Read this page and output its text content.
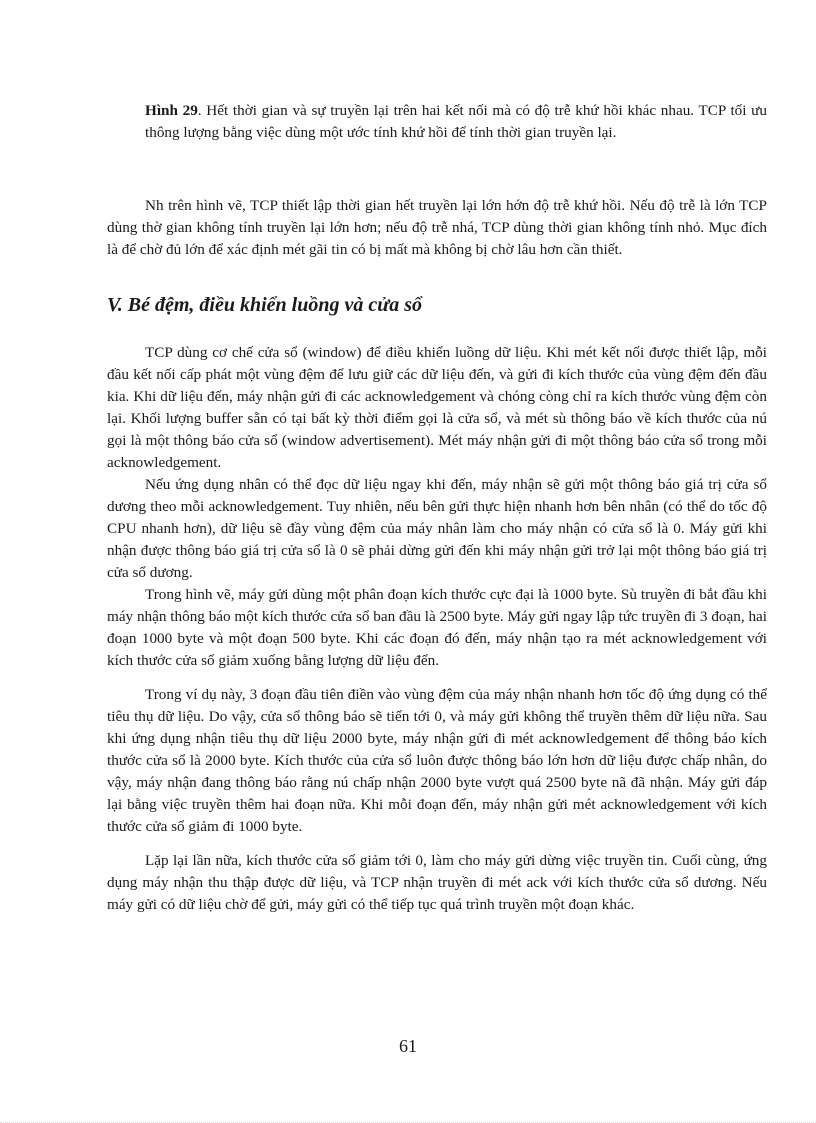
Hình 29. Hết thời gian và sự truyền lại trên hai kết nối mà có độ trễ khứ hồi khác nhau. TCP tối ưu thông lượng bằng việc dùng một ước tính khứ hồi để tính thời gian truyền lại.
Nh trên hình vẽ, TCP thiết lập thời gian hết truyền lại lớn hớn độ trễ khứ hồi. Nếu độ trễ là lớn TCP dùng thờ gian không tính truyền lại lớn hơn; nếu độ trễ nhá, TCP dùng thời gian không tính nhỏ. Mục đích là để chờ đủ lớn để xác định mét gãi tin có bị mất mà không bị chờ lâu hơn cần thiết.
V. Bé đệm, điều khiển luồng và cửa sổ
TCP dùng cơ chế cửa sổ (window) để điều khiển luồng dữ liệu. Khi mét kết nối được thiết lập, mỗi đầu kết nối cấp phát một vùng đệm để lưu giữ các dữ liệu đến, và gửi đi kích thước của vùng đệm đến đầu kia. Khi dữ liệu đến, máy nhận gửi đi các acknowledgement và chóng còng chỉ ra kích thước vùng đệm còn lại. Khối lượng buffer sẵn có tại bất kỳ thời điểm gọi là cửa sổ, và mét sù thông báo về kích thước của nú gọi là một thông báo cửa sổ (window advertisement). Mét máy nhận gửi đi một thông báo cửa sổ trong mỗi acknowledgement.
Nếu ứng dụng nhân có thể đọc dữ liệu ngay khi đến, máy nhận sẽ gửi một thông báo giá trị cửa sổ dương theo mỗi acknowledgement. Tuy nhiên, nếu bên gửi thực hiện nhanh hơn bên nhân (có thể do tốc độ CPU nhanh hơn), dữ liệu sẽ đầy vùng đệm của máy nhân làm cho máy nhận có cửa sổ là 0. Máy gửi khi nhận được thông báo giá trị cửa sổ là 0 sẽ phải dừng gửi đến khi máy nhận gửi trở lại một thông báo giá trị cửa sổ dương.
Trong hình vẽ, máy gửi dùng một phân đoạn kích thước cực đại là 1000 byte. Sù truyền đi bắt đầu khi máy nhận thông báo một kích thước cửa sổ ban đầu là 2500 byte. Máy gửi ngay lập tức truyền đi 3 đoạn, hai đoạn 1000 byte và một đoạn 500 byte. Khi các đoạn đó đến, máy nhận tạo ra mét acknowledgement với kích thước cửa sổ giảm xuống bằng lượng dữ liệu đến.
Trong ví dụ này, 3 đoạn đầu tiên điền vào vùng đệm của máy nhận nhanh hơn tốc độ ứng dụng có thể tiêu thụ dữ liệu. Do vậy, cửa sổ thông báo sẽ tiến tới 0, và máy gửi không thể truyền thêm dữ liệu nữa. Sau khi ứng dụng nhận tiêu thụ dữ liệu 2000 byte, máy nhận gửi đi mét acknowledgement để thông báo kích thước cửa sổ là 2000 byte. Kích thước của cửa sổ luôn được thông báo lớn hơn dữ liệu được chấp nhân, do vậy, máy nhận đang thông báo rằng nú chấp nhận 2000 byte vượt quá 2500 byte nã đã nhận. Máy gửi đáp lại bằng việc truyền thêm hai đoạn nữa. Khi mỗi đoạn đến, máy nhận gửi mét acknowledgement với kích thước cửa sổ giảm đi 1000 byte.
Lặp lại lần nữa, kích thước cửa sổ giảm tới 0, làm cho máy gửi dừng việc truyền tin. Cuối cùng, ứng dụng máy nhận thu thập được dữ liệu, và TCP nhận truyền đi mét ack với kích thước cửa sổ dương. Nếu máy gửi có dữ liệu chờ để gửi, máy gửi có thể tiếp tục quá trình truyền một đoạn khác.
61
